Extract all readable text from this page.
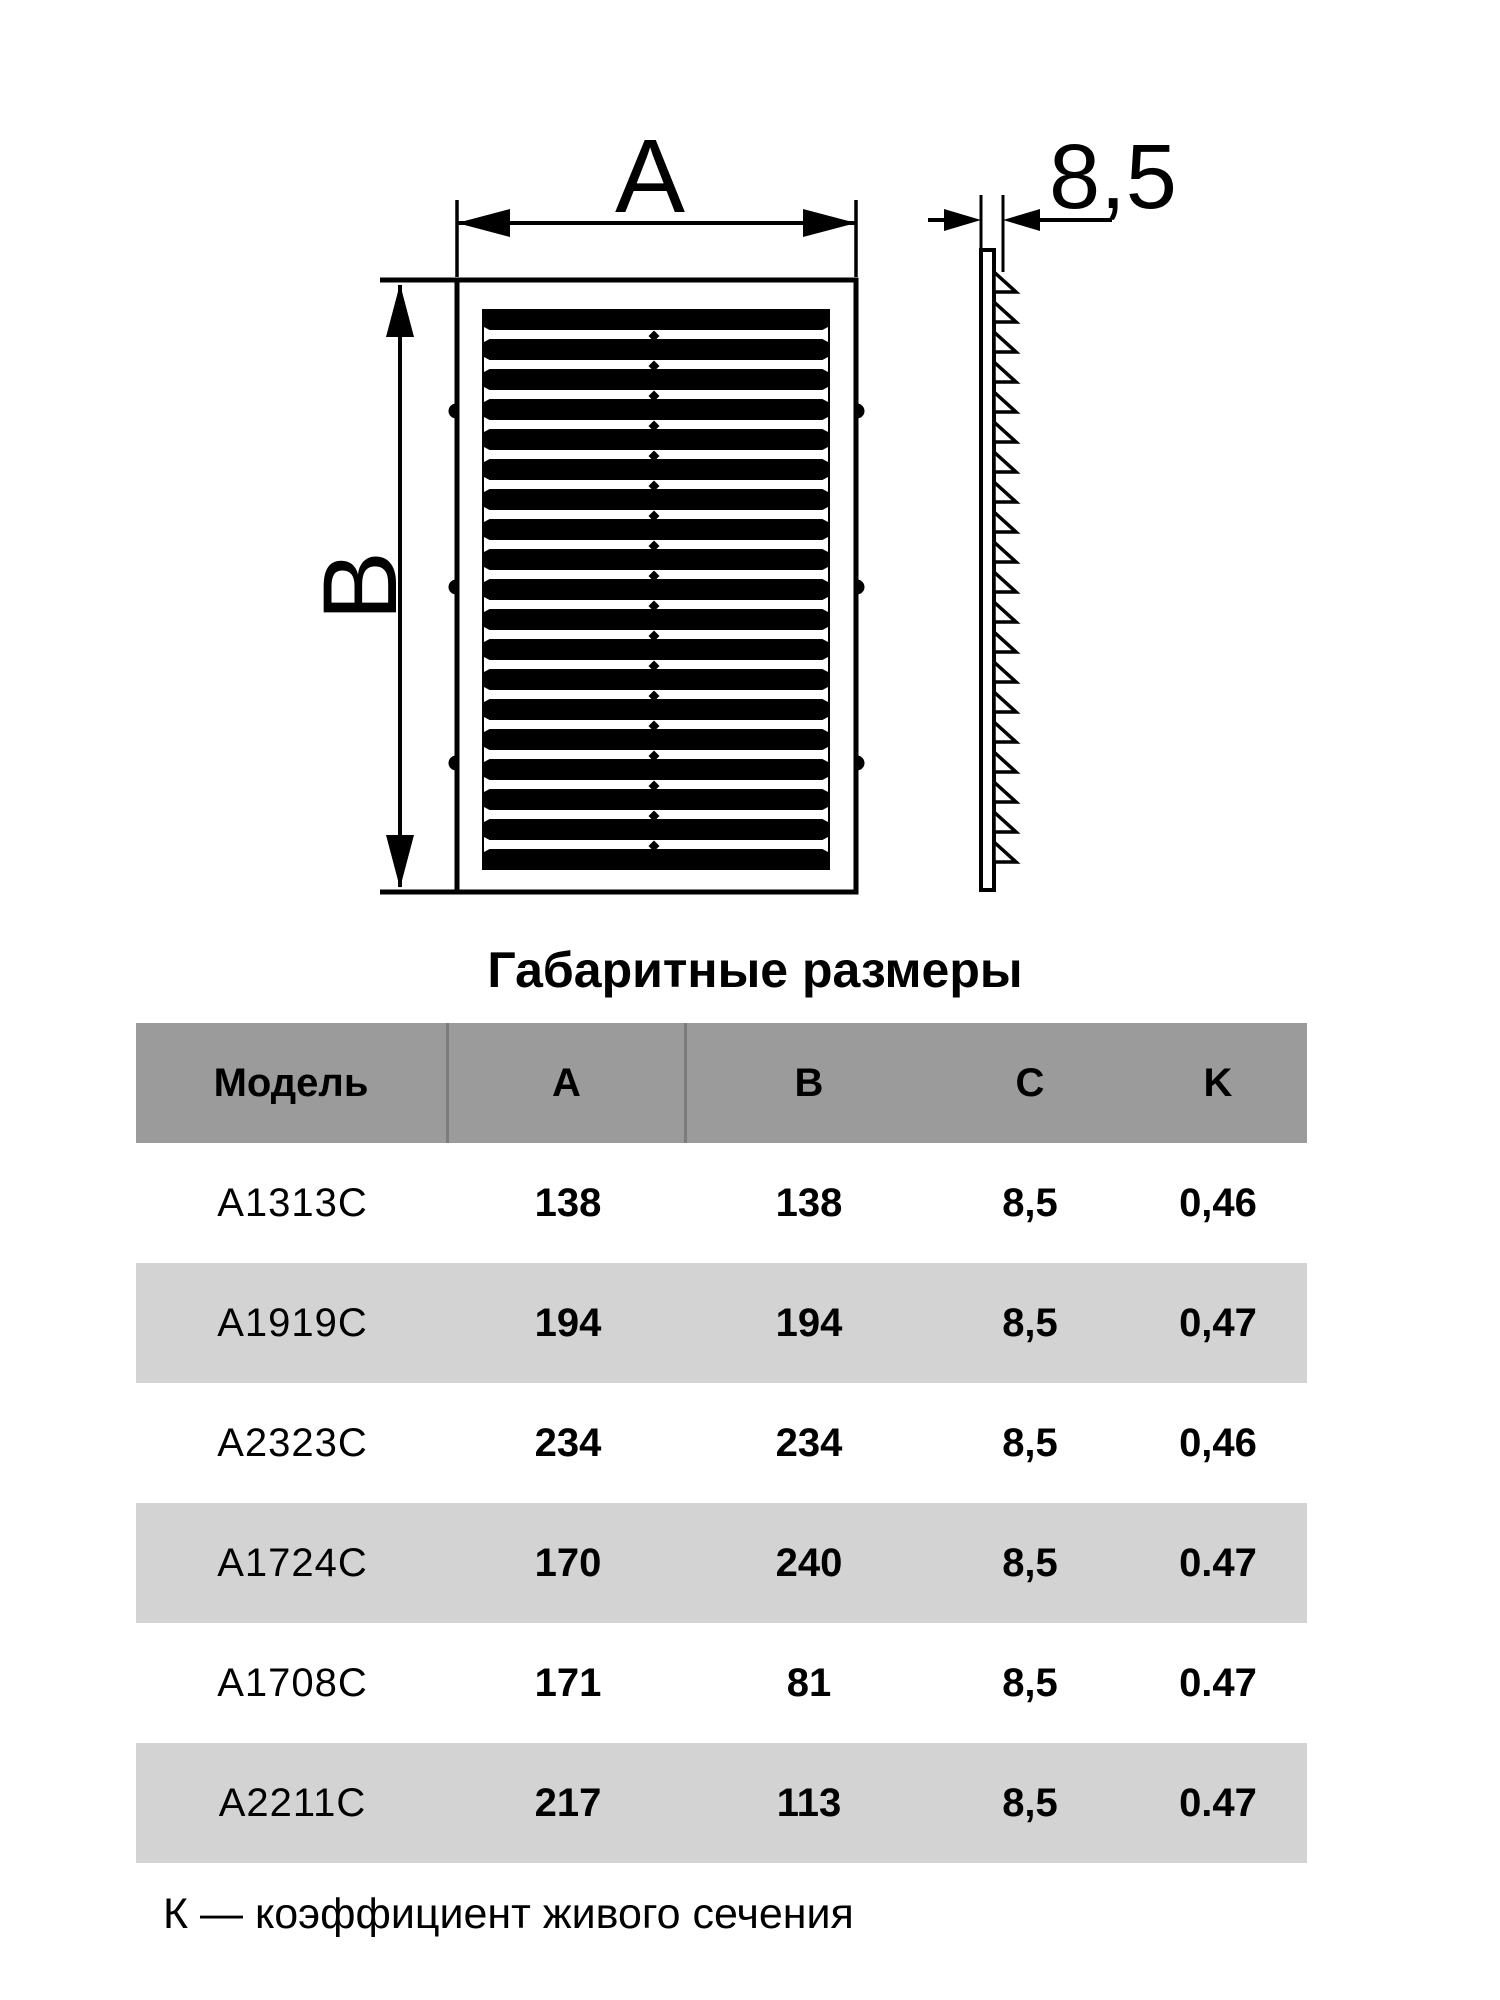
A
B
8,5
Габаритные размеры
Модель	A	B	C	K
A1313C	138	138	8,5	0,46
A1919C	194	194	8,5	0,47
A2323C	234	234	8,5	0,46
A1724C	170	240	8,5	0.47
A1708C	171	81	8,5	0.47
A2211C	217	113	8,5	0.47
К — коэффициент живого сечения
